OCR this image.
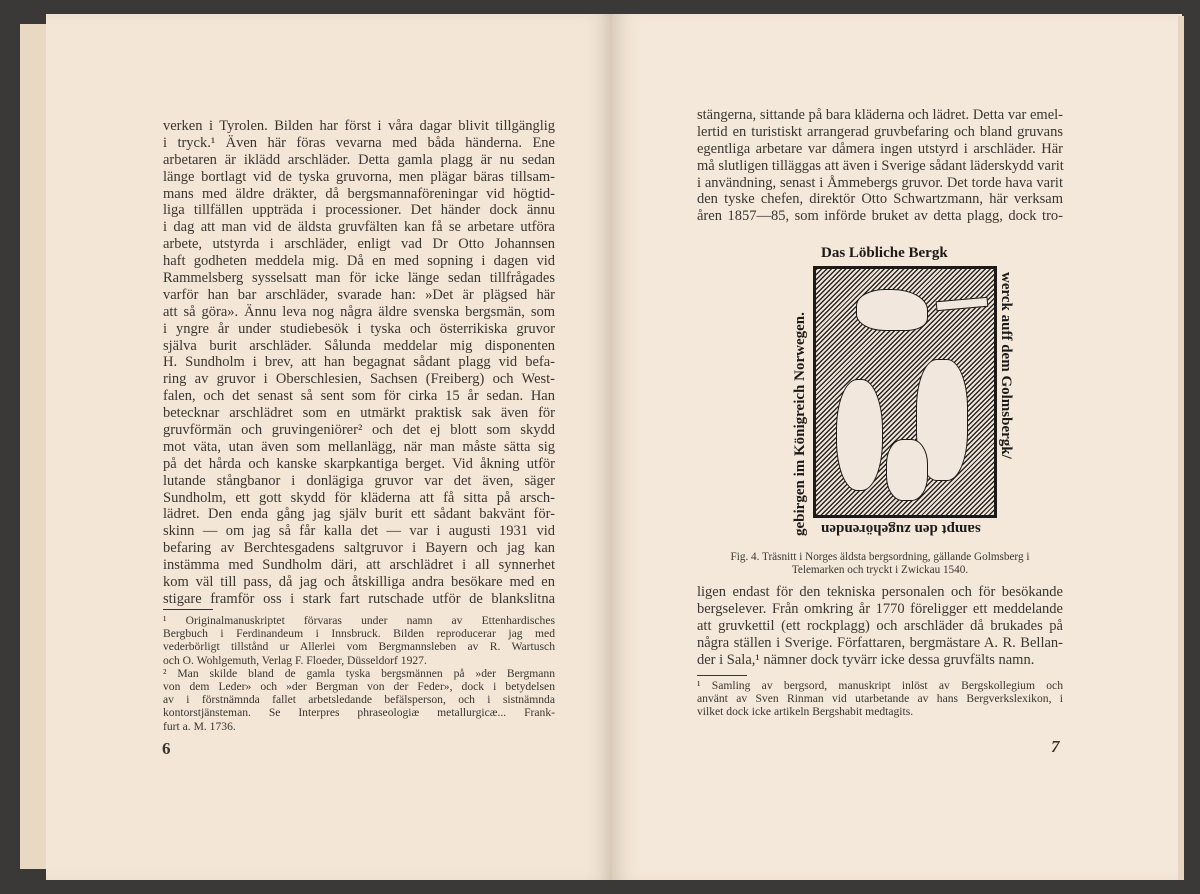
verken i Tyrolen. Bilden har först i våra dagar blivit tillgänglig
i tryck.¹ Även här föras vevarna med båda händerna. Ene
arbetaren är iklädd arschläder. Detta gamla plagg är nu sedan
länge bortlagt vid de tyska gruvorna, men plägar bäras tillsam-
mans med äldre dräkter, då bergsmannaföreningar vid högtid-
liga tillfällen uppträda i processioner. Det händer dock ännu
i dag att man vid de äldsta gruvfälten kan få se arbetare utföra
arbete, utstyrda i arschläder, enligt vad Dr Otto Johannsen
haft godheten meddela mig. Då en med sopning i dagen vid
Rammelsberg sysselsatt man för icke länge sedan tillfrågades
varför han bar arschläder, svarade han: »Det är plägsed här
att så göra». Ännu leva nog några äldre svenska bergsmän, som
i yngre år under studiebesök i tyska och österrikiska gruvor
själva burit arschläder. Sålunda meddelar mig disponenten
H. Sundholm i brev, att han begagnat sådant plagg vid befa-
ring av gruvor i Oberschlesien, Sachsen (Freiberg) och West-
falen, och det senast så sent som för cirka 15 år sedan. Han
betecknar arschlädret som en utmärkt praktisk sak även för
gruvförmän och gruvingeniörer² och det ej blott som skydd
mot väta, utan även som mellanlägg, när man måste sätta sig
på det hårda och kanske skarpkantiga berget. Vid åkning utför
lutande stångbanor i donlägiga gruvor var det även, säger
Sundholm, ett gott skydd för kläderna att få sitta på arsch-
lädret. Den enda gång jag själv burit ett sådant bakvänt för-
skinn — om jag så får kalla det — var i augusti 1931 vid
befaring av Berchtesgadens saltgruvor i Bayern och jag kan
instämma med Sundholm däri, att arschlädret i all synnerhet
kom väl till pass, då jag och åtskilliga andra besökare med en
stigare framför oss i stark fart rutschade utför de blankslitna
¹ Originalmanuskriptet förvaras under namn av Ettenhardisches
Bergbuch i Ferdinandeum i Innsbruck. Bilden reproducerar jag med
vederbörligt tillstånd ur Allerlei vom Bergmannsleben av R. Wartusch
och O. Wohlgemuth, Verlag F. Floeder, Düsseldorf 1927.
² Man skilde bland de gamla tyska bergsmännen på »der Bergmann
von dem Leder» och »der Bergman von der Feder», dock i betydelsen
av i förstnämnda fallet arbetsledande befälsperson, och i sistnämnda
kontorstjänsteman. Se Interpres phraseologiæ metallurgicæ... Frank-
furt a. M. 1736.
6
stängerna, sittande på bara kläderna och lädret. Detta var emel-
lertid en turistiskt arrangerad gruvbefaring och bland gruvans
egentliga arbetare var dåmera ingen utstyrd i arschläder. Här
må slutligen tilläggas att även i Sverige sådant läderskydd varit
i användning, senast i Åmmebergs gruvor. Det torde hava varit
den tyske chefen, direktör Otto Schwartzmann, här verksam
åren 1857—85, som införde bruket av detta plagg, dock tro-
Das Löbliche Bergk
werck auff dem Golmsbergk/
sampt den zugehörenden
gebirgen im Königreich Norwegen.
Fig. 4. Träsnitt i Norges äldsta bergsordning, gällande Golmsberg i
Telemarken och tryckt i Zwickau 1540.
ligen endast för den tekniska personalen och för besökande
bergselever. Från omkring år 1770 föreligger ett meddelande
att gruvkettil (ett rockplagg) och arschläder då brukades på
några ställen i Sverige. Författaren, bergmästare A. R. Bellan-
der i Sala,¹ nämner dock tyvärr icke dessa gruvfälts namn.
¹ Samling av bergsord, manuskript inlöst av Bergskollegium och
använt av Sven Rinman vid utarbetande av hans Bergverkslexikon, i
vilket dock icke artikeln Bergshabit medtagits.
7
